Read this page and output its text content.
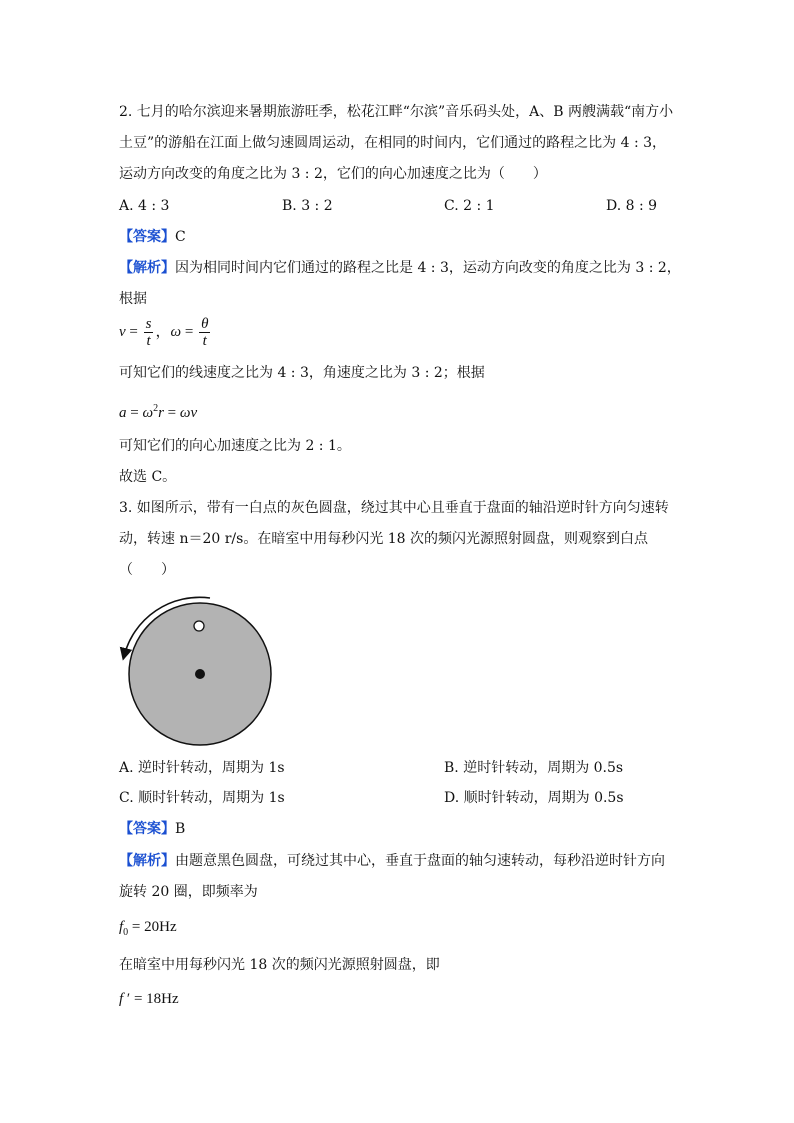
2. 七月的哈尔滨迎来暑期旅游旺季，松花江畔“尔滨”音乐码头处，A、B 两艘满载“南方小
土豆”的游船在江面上做匀速圆周运动，在相同的时间内，它们通过的路程之比为 4 : 3，
运动方向改变的角度之比为 3 : 2，它们的向心加速度之比为（　　）
A. 4 : 3	B. 3 : 2	C. 2 : 1	D. 8 : 9
【答案】C
【解析】因为相同时间内它们通过的路程之比是 4 : 3，运动方向改变的角度之比为 3 : 2，
根据
$v = \frac{s}{t}$ ，$\omega = \frac{\theta}{t}$
可知它们的线速度之比为 4 : 3，角速度之比为 3 : 2；根据
$a = \omega^2r = \omega v$
可知它们的向心加速度之比为 2 : 1。
故选 C。
3. 如图所示，带有一白点的灰色圆盘，绕过其中心且垂直于盘面的轴沿逆时针方向匀速转
动，转速 n＝20 r/s。在暗室中用每秒闪光 18 次的频闪光源照射圆盘，则观察到白点
（　　）
A. 逆时针转动，周期为 1s	B. 逆时针转动，周期为 0.5s
C. 顺时针转动，周期为 1s	D. 顺时针转动，周期为 0.5s
【答案】B
【解析】由题意黑色圆盘，可绕过其中心，垂直于盘面的轴匀速转动，每秒沿逆时针方向
旋转 20 圈，即频率为
$f_0 = 20Hz$
在暗室中用每秒闪光 18 次的频闪光源照射圆盘，即
f ′ = 18Hz
